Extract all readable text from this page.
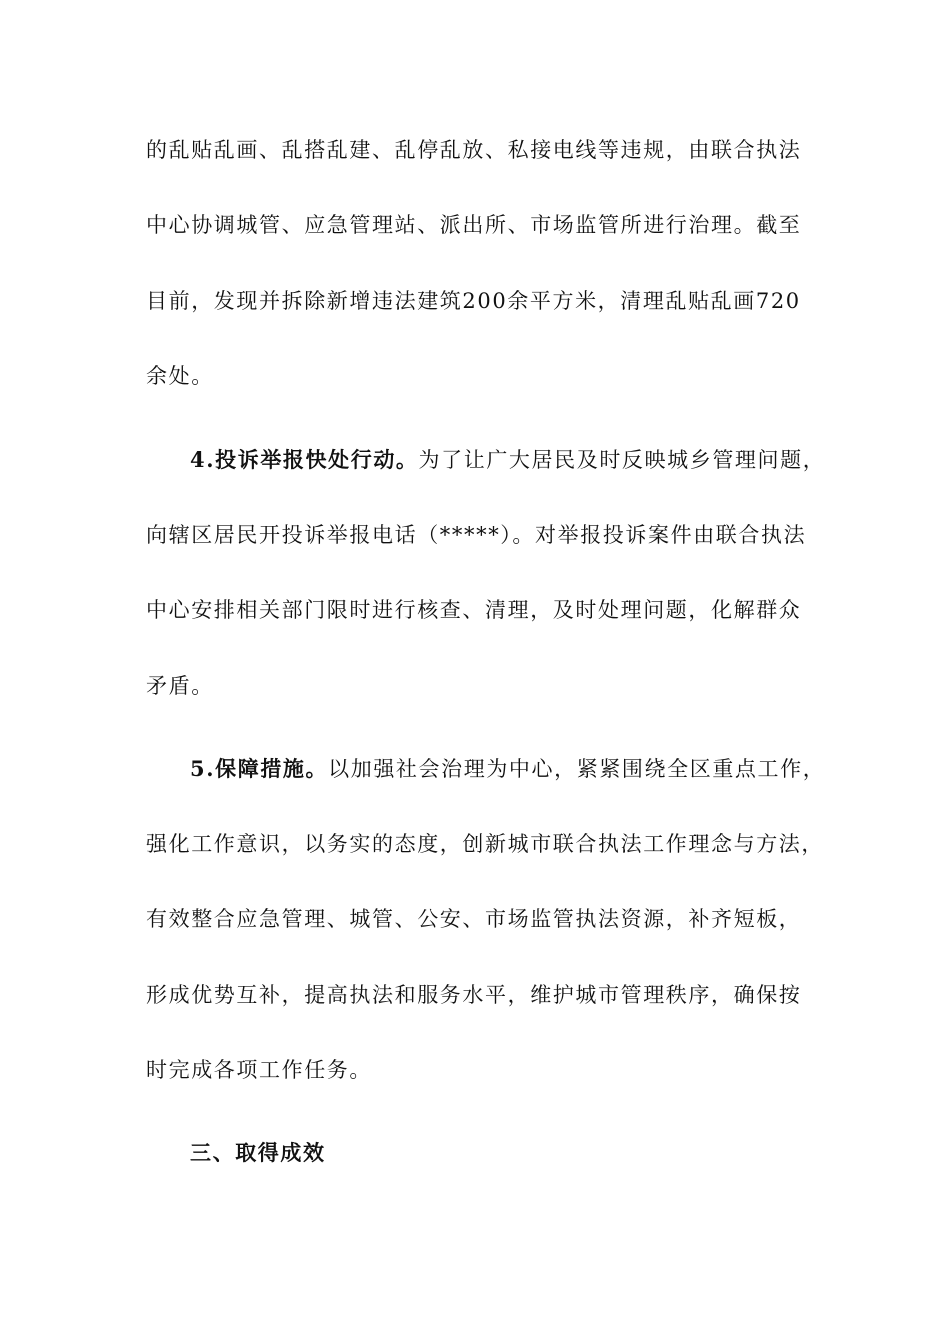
的乱贴乱画、乱搭乱建、乱停乱放、私接电线等违规，由联合执法
中心协调城管、应急管理站、派出所、市场监管所进行治理。截至
目前，发现并拆除新增违法建筑200余平方米，清理乱贴乱画720
余处。
4.投诉举报快处行动。为了让广大居民及时反映城乡管理问题，
向辖区居民开投诉举报电话（*****）。对举报投诉案件由联合执法
中心安排相关部门限时进行核查、清理，及时处理问题，化解群众
矛盾。
5.保障措施。以加强社会治理为中心，紧紧围绕全区重点工作，
强化工作意识，以务实的态度，创新城市联合执法工作理念与方法，
有效整合应急管理、城管、公安、市场监管执法资源，补齐短板，
形成优势互补，提高执法和服务水平，维护城市管理秩序，确保按
时完成各项工作任务。
三、取得成效
